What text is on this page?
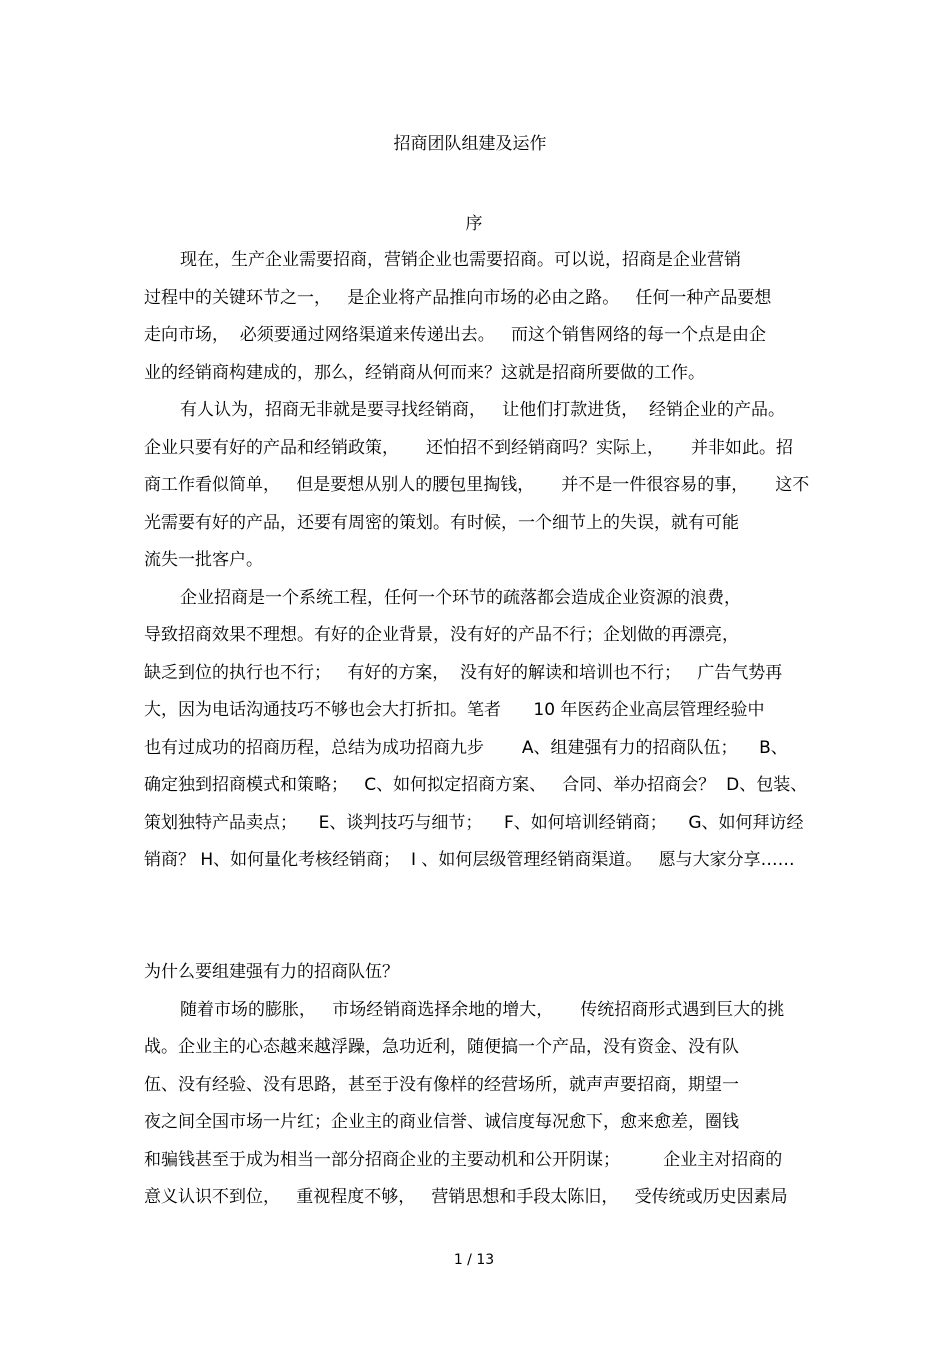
招商团队组建及运作
序
现在，生产企业需要招商，营销企业也需要招商。可以说，招商是企业营销
过程中的关键环节之一，   是企业将产品推向市场的必由之路。   任何一种产品要想
走向市场，  必须要通过网络渠道来传递出去。   而这个销售网络的每一个点是由企
业的经销商构建成的，那么，经销商从何而来？这就是招商所要做的工作。
有人认为，招商无非就是要寻找经销商，   让他们打款进货，  经销企业的产品。
企业只要有好的产品和经销政策，     还怕招不到经销商吗？实际上，     并非如此。招
商工作看似简单，   但是要想从别人的腰包里掏钱，     并不是一件很容易的事，     这不
光需要有好的产品，还要有周密的策划。有时候，一个细节上的失误，就有可能
流失一批客户。
企业招商是一个系统工程，任何一个环节的疏落都会造成企业资源的浪费，
导致招商效果不理想。有好的企业背景，没有好的产品不行；企划做的再漂亮，
缺乏到位的执行也不行；   有好的方案，  没有好的解读和培训也不行；   广告气势再
大，因为电话沟通技巧不够也会大打折扣。笔者      10 年医药企业高层管理经验中
也有过成功的招商历程，总结为成功招商九步       A、组建强有力的招商队伍；    B、
确定独到招商模式和策略；   C、如何拟定招商方案、   合同、举办招商会？  D、包装、
策划独特产品卖点；    E、谈判技巧与细节；    F、如何培训经销商；    G、如何拜访经
销商？ H、如何量化考核经销商；  I 、如何层级管理经销商渠道。   愿与大家分享……
为什么要组建强有力的招商队伍？
随着市场的膨胀，   市场经销商选择余地的增大，     传统招商形式遇到巨大的挑
战。企业主的心态越来越浮躁，急功近利，随便搞一个产品，没有资金、没有队
伍、没有经验、没有思路，甚至于没有像样的经营场所，就声声要招商，期望一
夜之间全国市场一片红；企业主的商业信誉、诚信度每况愈下，愈来愈差，圈钱
和骗钱甚至于成为相当一部分招商企业的主要动机和公开阴谋；        企业主对招商的
意义认识不到位，   重视程度不够，   营销思想和手段太陈旧，   受传统或历史因素局
1 / 13
